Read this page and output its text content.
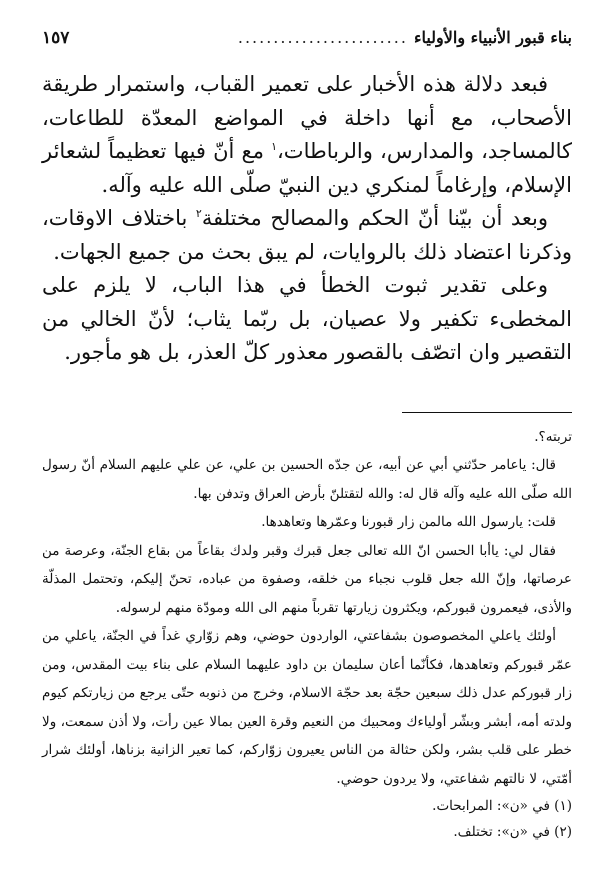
بناء قبور الأنبياء والأولياء
........................
١٥٧

فبعد دلالة هذه الأخبار على تعمير القباب، واستمرار طريقة الأصحاب، مع أنها داخلة في المواضع المعدّة للطاعات، كالمساجد، والمدارس، والرباطات،$^١$ مع أنّ فيها تعظيماً لشعائر الإسلام، وإرغاماً لمنكري دين النبيّ صلّى الله عليه وآله.

وبعد أن بيّنا أنّ الحكم والمصالح مختلفة$^٢$ باختلاف الاوقات، وذكرنا اعتضاد ذلك بالروايات، لم يبق بحث من جميع الجهات.

وعلى تقدير ثبوت الخطأ في هذا الباب، لا يلزم على المخطىء تكفير ولا عصيان، بل ربّما يثاب؛ لأنّ الخالي من التقصير وان اتصّف بالقصور معذور كلّ العذر، بل هو مأجور.

تربته؟.

قال: ياعامر حدّثني أبي عن أبيه، عن جدّه الحسين بن علي، عن علي عليهم السلام أنّ رسول الله صلّى الله عليه وآله قال له: والله لتقتلنّ بأرض العراق وتدفن بها.

قلت: يارسول الله مالمن زار قبورنا وعمّرها وتعاهدها.

فقال لي: ياأبا الحسن انّ الله تعالى جعل قبرك وقبر ولدك بقاعاً من بقاع الجنّة، وعرصة من عرصاتها، وإنّ الله جعل قلوب نجباء من خلقه، وصفوة من عباده، تحنّ إليكم، وتحتمل المذلّة والأذى، فيعمرون قبوركم، ويكثرون زيارتها تقرباً منهم الى الله ومودّة منهم لرسوله.

أولئك ياعلي المخصوصون بشفاعتي، الواردون حوضي، وهم زوّاري غداً في الجنّة، ياعلي من عمّر قبوركم وتعاهدها، فكأنّما أعان سليمان بن داود عليهما السلام على بناء بيت المقدس، ومن زار قبوركم عدل ذلك سبعين حجّة بعد حجّة الاسلام، وخرج من ذنوبه حتّى يرجع من زيارتكم كيوم ولدته أمه، أبشر وبشّر أولياءك ومحبيك من النعيم وقرة العين بمالا عين رأت، ولا أذن سمعت، ولا خطر على قلب بشر، ولكن حثالة من الناس يعيرون زوّاركم، كما تعير الزانية بزناها، أولئك شرار أمّتي، لا نالتهم شفاعتي، ولا يردون حوضي.

(١) في «ن»: المرابحات.

(٢) في «ن»: تختلف.
